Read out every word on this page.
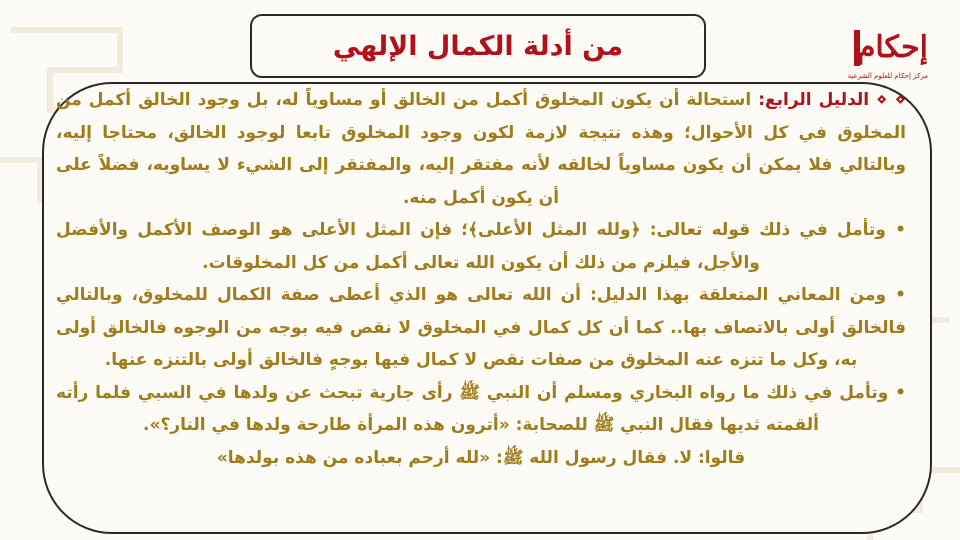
من أدلة الكمال الإلهي	إحكام
مركز إحكام للعلوم الشرعية

⋄ ⋄ الدليل الرابع: استحالة أن يكون المخلوق أكمل من الخالق أو مساوياً له، بل وجود الخالق أكمل من المخلوق في كل الأحوال؛ وهذه نتيجة لازمة لكون وجود المخلوق تابعا لوجود الخالق، محتاجا إليه، وبالتالي فلا يمكن أن يكون مساوياً لخالقه لأنه مفتقر إليه، والمفتقر إلى الشيء لا يساويه، فضلاً على أن يكون أكمل منه.

• وتأمل في ذلك قوله تعالى: ﴿ولله المثل الأعلى﴾؛ فإن المثل الأعلى هو الوصف الأكمل والأفضل والأجل، فيلزم من ذلك أن يكون الله تعالى أكمل من كل المخلوقات.

• ومن المعاني المتعلقة بهذا الدليل: أن الله تعالى هو الذي أعطى صفة الكمال للمخلوق، وبالتالي فالخالق أولى بالاتصاف بها.. كما أن كل كمال في المخلوق لا نقص فيه بوجه من الوجوه فالخالق أولى به، وكل ما تنزه عنه المخلوق من صفات نقص لا كمال فيها بوجهٍ فالخالق أولى بالتنزه عنها.

• وتأمل في ذلك ما رواه البخاري ومسلم أن النبي ﷺ رأى جارية تبحث عن ولدها في السبي فلما رأته ألقمته ثديها فقال النبي ﷺ للصحابة: «أترون هذه المرأة طارحة ولدها في النار؟».

قالوا: لا. فقال رسول الله ﷺ: «لله أرحم بعباده من هذه بولدها»
